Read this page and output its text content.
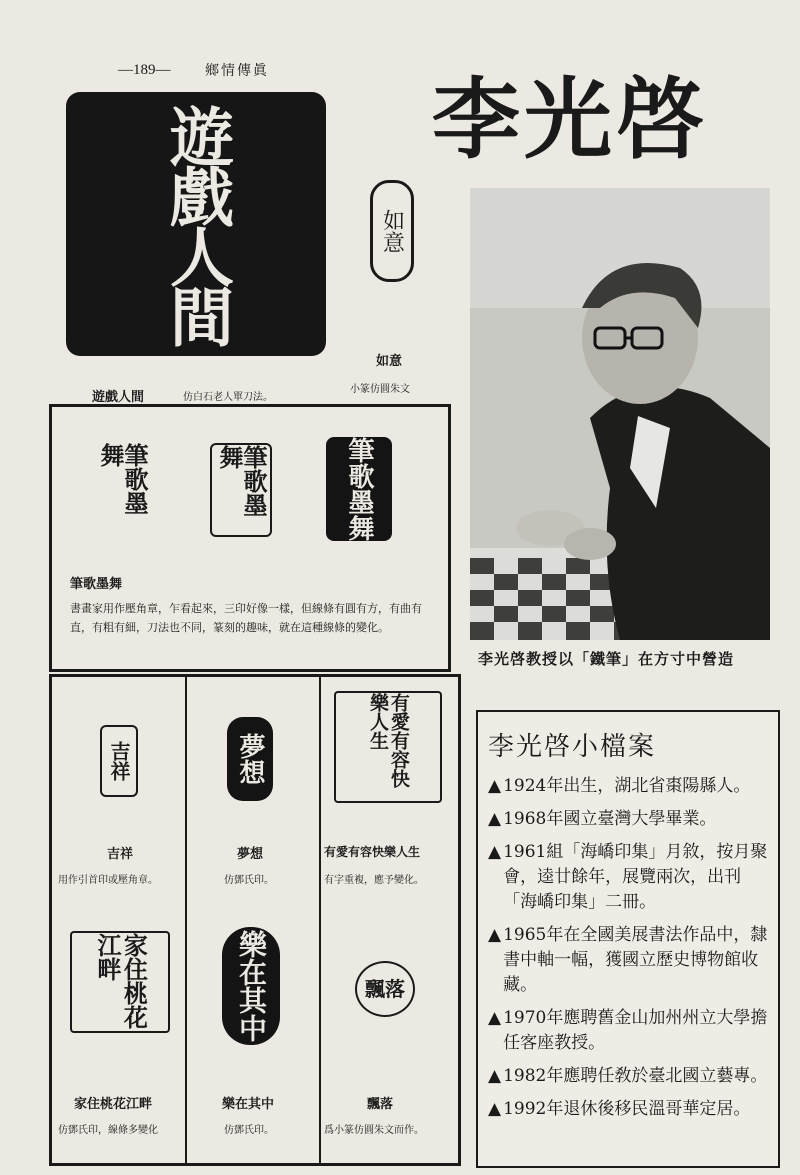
—189— 鄉情傳眞 李光啓
遊戲人間
遊戲人間	仿白石老人單刀法。
如意
如意
小篆仿圓朱文
筆歌墨舞	筆歌墨舞	筆歌墨舞
筆歌墨舞
書畫家用作壓角章，乍看起來，三印好像一樣，但線條有圓有方，有曲有直，有粗有細，刀法也不同，篆刻的趣味，就在這種線條的變化。
吉祥
吉祥
用作引首印或壓角章。
夢想
夢想
仿鄧氏印。
有愛有容快樂人生
有愛有容快樂人生
有字重複，應予變化。
家住桃花江畔
家住桃花江畔
仿鄧氏印，線條多變化
樂在其中
樂在其中
仿鄧氏印。
飄落
飄落
爲小篆仿圓朱文而作。
李光啓教授以「鐵筆」在方寸中營造
李光啓小檔案
▲ 1924年出生，湖北省棗陽縣人。
▲ 1968年國立臺灣大學畢業。
▲ 1961組「海嶠印集」月敘，按月聚會，逵廿餘年，展覽兩次，出刊「海嶠印集」二冊。
▲ 1965年在全國美展書法作品中，隸書中軸一幅，獲國立歷史博物館收藏。
▲ 1970年應聘舊金山加州州立大學擔任客座教授。
▲ 1982年應聘任敎於臺北國立藝專。
▲ 1992年退休後移民溫哥華定居。
